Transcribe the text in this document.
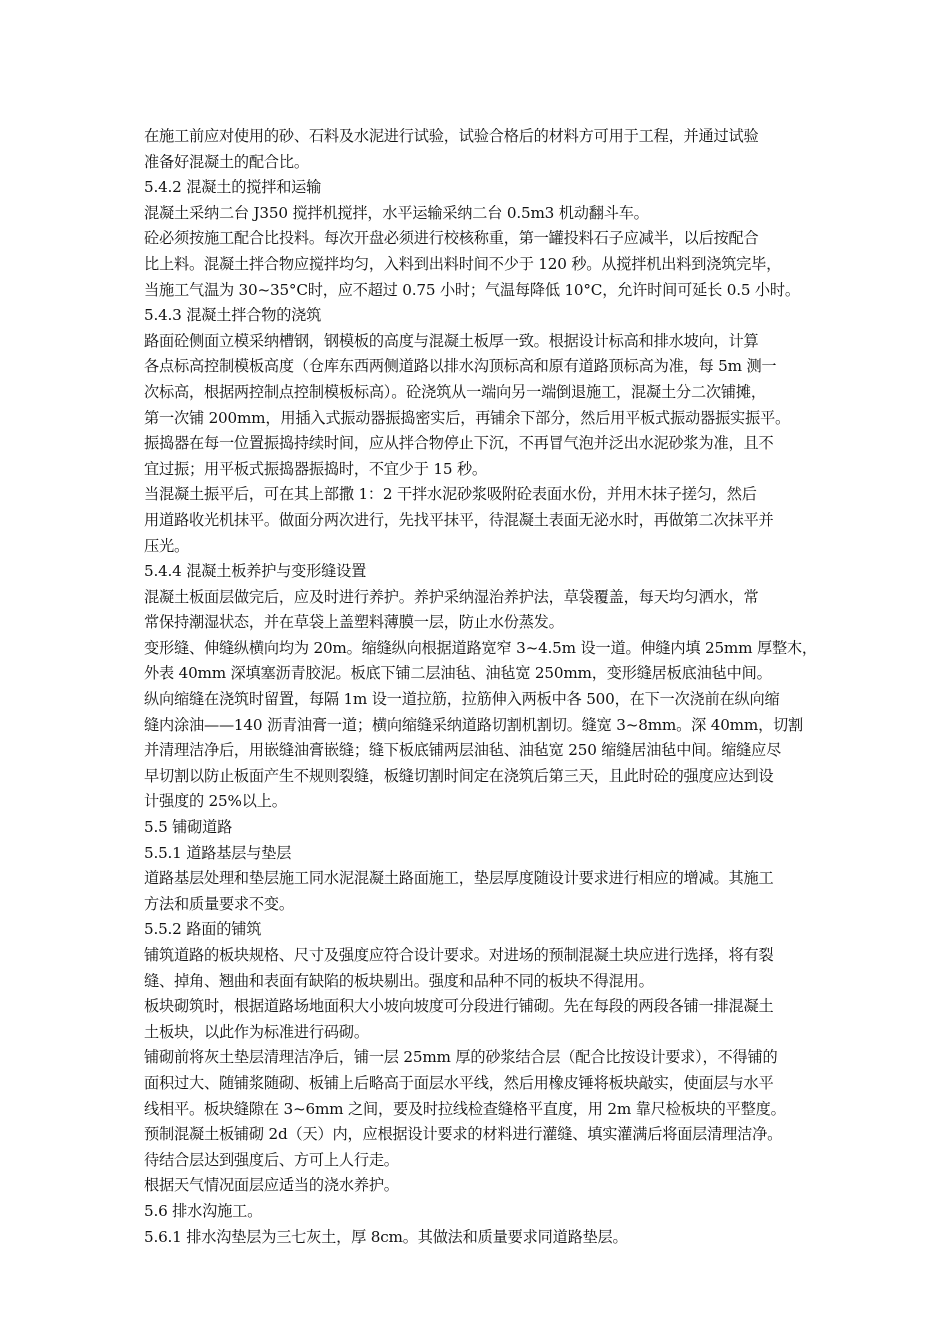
在施工前应对使用的砂、石料及水泥进行试验，试验合格后的材料方可用于工程，并通过试验
准备好混凝土的配合比。
5.4.2 混凝土的搅拌和运输
混凝土采纳二台 J350 搅拌机搅拌，水平运输采纳二台 0.5m3 机动翻斗车。
砼必须按施工配合比投料。每次开盘必须进行校核称重，第一罐投料石子应减半，以后按配合
比上料。混凝土拌合物应搅拌均匀，入料到出料时间不少于 120 秒。从搅拌机出料到浇筑完毕，
当施工气温为 30~35°C时，应不超过 0.75 小时；气温每降低 10°C，允许时间可延长 0.5 小时。
5.4.3 混凝土拌合物的浇筑
路面砼侧面立模采纳槽钢，钢模板的高度与混凝土板厚一致。根据设计标高和排水坡向，计算
各点标高控制模板高度（仓库东西两侧道路以排水沟顶标高和原有道路顶标高为准，每 5m 测一
次标高，根据两控制点控制模板标高）。砼浇筑从一端向另一端倒退施工，混凝土分二次铺摊，
第一次铺 200mm，用插入式振动器振捣密实后，再铺余下部分，然后用平板式振动器振实振平。
振捣器在每一位置振捣持续时间，应从拌合物停止下沉，不再冒气泡并泛出水泥砂浆为准，且不
宜过振；用平板式振捣器振捣时，不宜少于 15 秒。
当混凝土振平后，可在其上部撒 1：2 干拌水泥砂浆吸附砼表面水份，并用木抹子搓匀，然后
用道路收光机抹平。做面分两次进行，先找平抹平，待混凝土表面无泌水时，再做第二次抹平并
压光。
5.4.4 混凝土板养护与变形缝设置
混凝土板面层做完后，应及时进行养护。养护采纳湿治养护法，草袋覆盖，每天均匀洒水，常
常保持潮湿状态，并在草袋上盖塑料薄膜一层，防止水份蒸发。
变形缝、伸缝纵横向均为 20m。缩缝纵向根据道路宽窄 3~4.5m 设一道。伸缝内填 25mm 厚整木，
外表 40mm 深填塞沥青胶泥。板底下铺二层油毡、油毡宽 250mm，变形缝居板底油毡中间。
纵向缩缝在浇筑时留置，每隔 1m 设一道拉筋，拉筋伸入两板中各 500，在下一次浇前在纵向缩
缝内涂油——140 沥青油膏一道；横向缩缝采纳道路切割机割切。缝宽 3~8mm。深 40mm，切割
并清理洁净后，用嵌缝油膏嵌缝；缝下板底铺两层油毡、油毡宽 250 缩缝居油毡中间。缩缝应尽
早切割以防止板面产生不规则裂缝，板缝切割时间定在浇筑后第三天，且此时砼的强度应达到设
计强度的 25%以上。
5.5 铺砌道路
5.5.1 道路基层与垫层
道路基层处理和垫层施工同水泥混凝土路面施工，垫层厚度随设计要求进行相应的增减。其施工
方法和质量要求不变。
5.5.2 路面的铺筑
铺筑道路的板块规格、尺寸及强度应符合设计要求。对进场的预制混凝土块应进行选择，将有裂
缝、掉角、翘曲和表面有缺陷的板块剔出。强度和品种不同的板块不得混用。
板块砌筑时，根据道路场地面积大小坡向坡度可分段进行铺砌。先在每段的两段各铺一排混凝土
土板块，以此作为标准进行码砌。
铺砌前将灰土垫层清理洁净后，铺一层 25mm 厚的砂浆结合层（配合比按设计要求），不得铺的
面积过大、随铺浆随砌、板铺上后略高于面层水平线，然后用橡皮锤将板块敲实，使面层与水平
线相平。板块缝隙在 3~6mm 之间，要及时拉线检查缝格平直度，用 2m 靠尺检板块的平整度。
预制混凝土板铺砌 2d（天）内，应根据设计要求的材料进行灌缝、填实灌满后将面层清理洁净。
待结合层达到强度后、方可上人行走。
根据天气情况面层应适当的浇水养护。
5.6 排水沟施工。
5.6.1 排水沟垫层为三七灰土，厚 8cm。其做法和质量要求同道路垫层。
